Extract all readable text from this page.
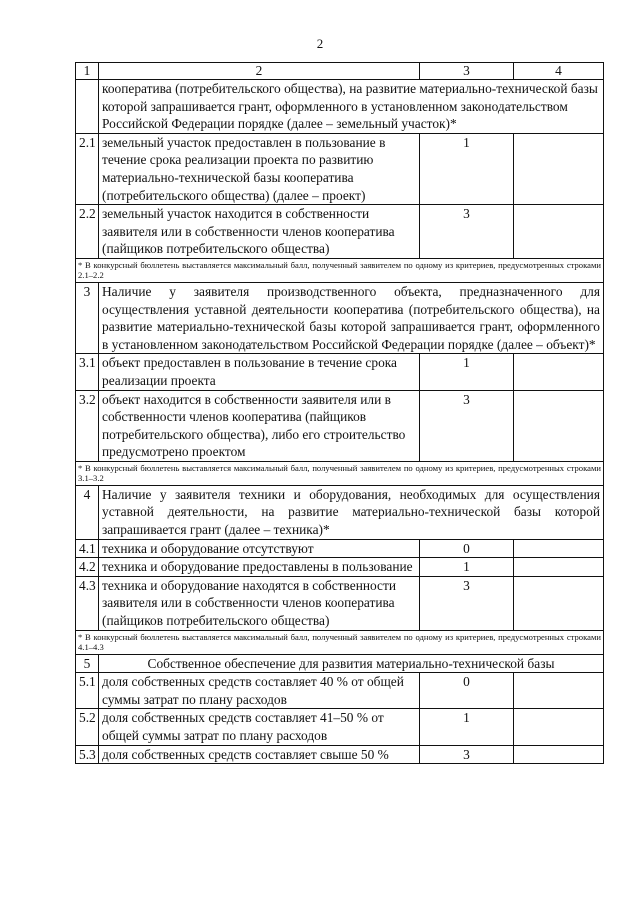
2
1	2	3	4
	кооператива (потребительского общества), на развитие материально-технической базы которой запрашивается грант, оформленного в установленном законодательством Российской Федерации порядке (далее – земельный участок)*		
2.1	земельный участок предоставлен в пользование в течение срока реализации проекта по развитию материально-технической базы кооператива (потребительского общества) (далее – проект)	1	
2.2	земельный участок находится в собственности заявителя или в собственности членов кооператива (пайщиков потребительского общества)	3	
* В конкурсный бюллетень выставляется максимальный балл, полученный заявителем по одному из критериев, предусмотренных строками 2.1–2.2			
3	Наличие у заявителя производственного объекта, предназначенного для осуществления уставной деятельности кооператива (потребительского общества), на развитие материально-технической базы которой запрашивается грант, оформленного в установленном законодательством Российской Федерации порядке (далее – объект)*		
3.1	объект предоставлен в пользование в течение срока реализации проекта	1	
3.2	объект находится в собственности заявителя или в собственности членов кооператива (пайщиков потребительского общества), либо его строительство предусмотрено проектом	3	
* В конкурсный бюллетень выставляется максимальный балл, полученный заявителем по одному из критериев, предусмотренных строками 3.1–3.2			
4	Наличие у заявителя техники и оборудования, необходимых для осуществления уставной деятельности, на развитие материально-технической базы которой запрашивается грант (далее – техника)*		
4.1	техника и оборудование отсутствуют	0	
4.2	техника и оборудование предоставлены в пользование	1	
4.3	техника и оборудование находятся в собственности заявителя или в собственности членов кооператива (пайщиков потребительского общества)	3	
* В конкурсный бюллетень выставляется максимальный балл, полученный заявителем по одному из критериев, предусмотренных строками 4.1–4.3			
5	Собственное обеспечение для развития материально-технической базы		
5.1	доля собственных средств составляет 40 % от общей суммы затрат по плану расходов	0	
5.2	доля собственных средств составляет 41–50 % от общей суммы затрат по плану расходов	1	
5.3	доля собственных средств составляет свыше 50 %	3	
